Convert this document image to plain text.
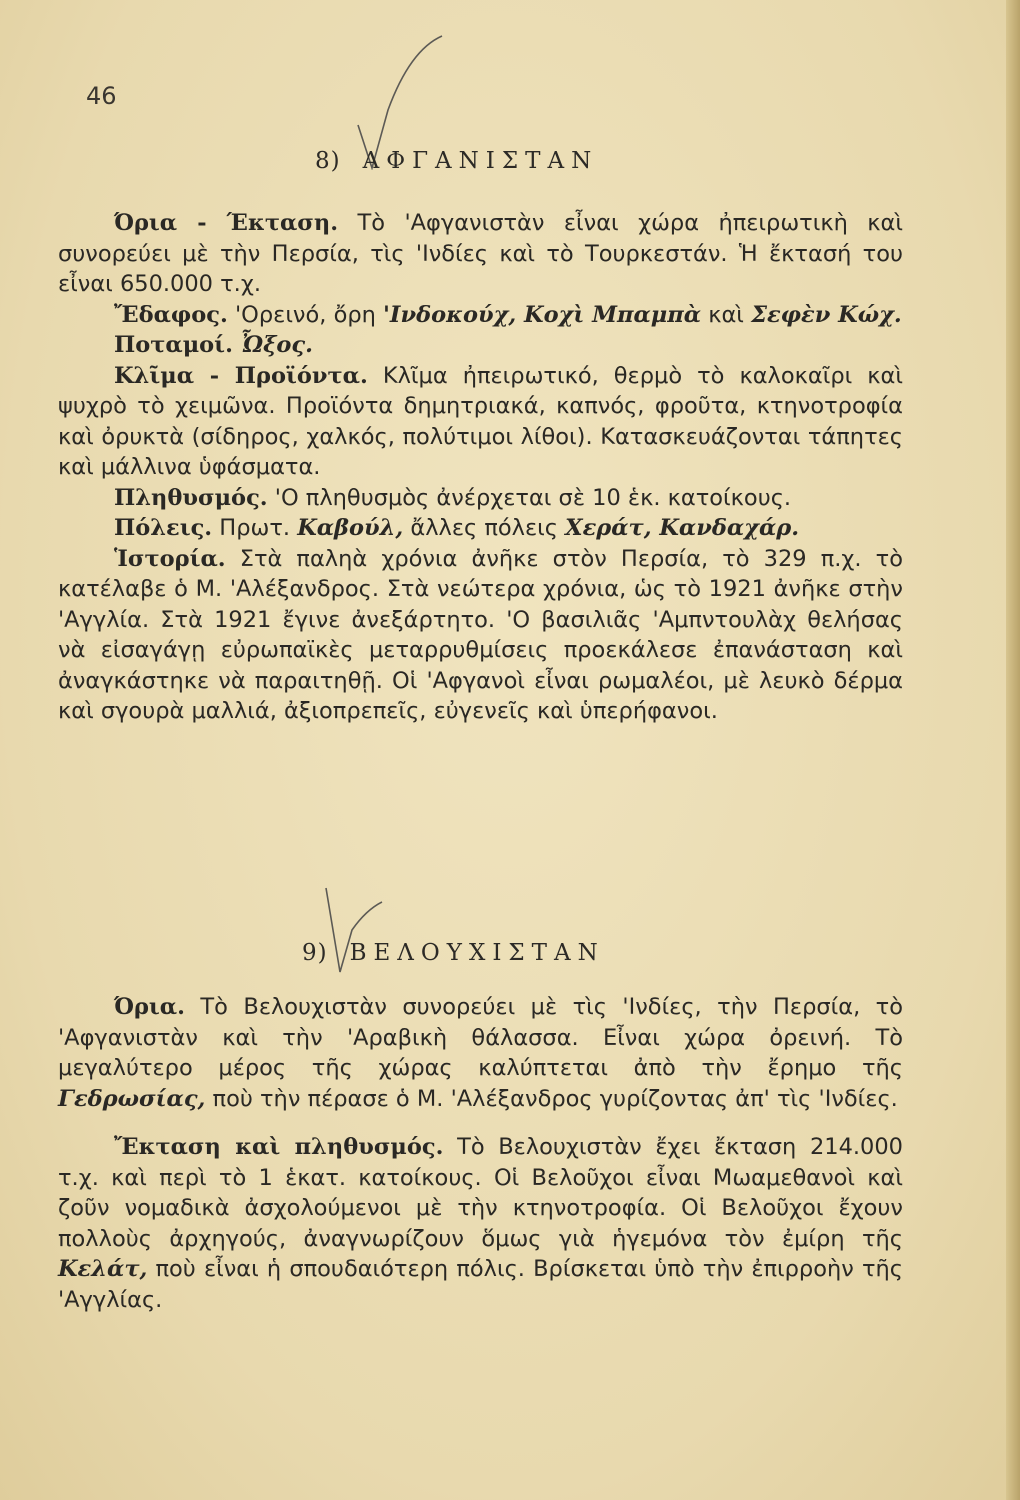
46
8) ΑΦΓΑΝΙΣΤΑΝ

Όρια - Έκταση. Τὸ 'Αφγανιστὰν εἶναι χώρα ἠπειρωτικὴ καὶ συνορεύει μὲ τὴν Περσία, τὶς 'Ινδίες καὶ τὸ Τουρκεστάν. Ἡ ἔκτασή του εἶναι 650.000 τ.χ.

Ἔδαφος. 'Ορεινό, ὄρη 'Ινδοκούχ, Κοχὶ Μπαμπὰ καὶ Σεφὲν Κώχ.

Ποταμοί. Ὦξος.

Κλῖμα - Προϊόντα. Κλῖμα ἠπειρωτικό, θερμὸ τὸ καλοκαῖρι καὶ ψυχρὸ τὸ χειμῶνα. Προϊόντα δημητριακά, καπνός, φροῦτα, κτηνοτροφία καὶ ὀρυκτὰ (σίδηρος, χαλκός, πολύτιμοι λίθοι). Κατασκευάζονται τάπητες καὶ μάλλινα ὑφάσματα.

Πληθυσμός. 'Ο πληθυσμὸς ἀνέρχεται σὲ 10 ἑκ. κατοίκους.

Πόλεις. Πρωτ. Καβούλ, ἄλλες πόλεις Χεράτ, Κανδαχάρ.

Ἱστορία. Στὰ παληὰ χρόνια ἀνῆκε στὸν Περσία, τὸ 329 π.χ. τὸ κατέλαβε ὁ Μ. 'Αλέξανδρος. Στὰ νεώτερα χρόνια, ὡς τὸ 1921 ἀνῆκε στὴν 'Αγγλία. Στὰ 1921 ἔγινε ἀνεξάρτητο. 'Ο βασιλιᾶς 'Αμπντουλὰχ θελήσας νὰ εἰσαγάγῃ εὐρωπαϊκὲς μεταρρυθμίσεις προεκάλεσε ἐπανάσταση καὶ ἀναγκάστηκε νὰ παραιτηθῇ. Οἱ 'Αφγανοὶ εἶναι ρωμαλέοι, μὲ λευκὸ δέρμα καὶ σγουρὰ μαλλιά, ἀξιοπρεπεῖς, εὐγενεῖς καὶ ὑπερήφανοι.

9) ΒΕΛΟΥΧΙΣΤΑΝ

Όρια. Τὸ Βελουχιστὰν συνορεύει μὲ τὶς 'Ινδίες, τὴν Περσία, τὸ 'Αφγανιστὰν καὶ τὴν 'Αραβικὴ θάλασσα. Εἶναι χώρα ὀρεινή. Τὸ μεγαλύτερο μέρος τῆς χώρας καλύπτεται ἀπὸ τὴν ἔρημο τῆς Γεδρωσίας, ποὺ τὴν πέρασε ὁ Μ. 'Αλέξανδρος γυρίζοντας ἀπ' τὶς 'Ινδίες.

Ἔκταση καὶ πληθυσμός. Τὸ Βελουχιστὰν ἔχει ἔκταση 214.000 τ.χ. καὶ περὶ τὸ 1 ἑκατ. κατοίκους. Οἱ Βελοῦχοι εἶναι Μωαμεθανοὶ καὶ ζοῦν νομαδικὰ ἀσχολούμενοι μὲ τὴν κτηνοτροφία. Οἱ Βελοῦχοι ἔχουν πολλοὺς ἀρχηγούς, ἀναγνωρίζουν ὅμως γιὰ ἡγεμόνα τὸν ἐμίρη τῆς Κελάτ, ποὺ εἶναι ἡ σπουδαιότερη πόλις. Βρίσκεται ὑπὸ τὴν ἐπιρροὴν τῆς 'Αγγλίας.
